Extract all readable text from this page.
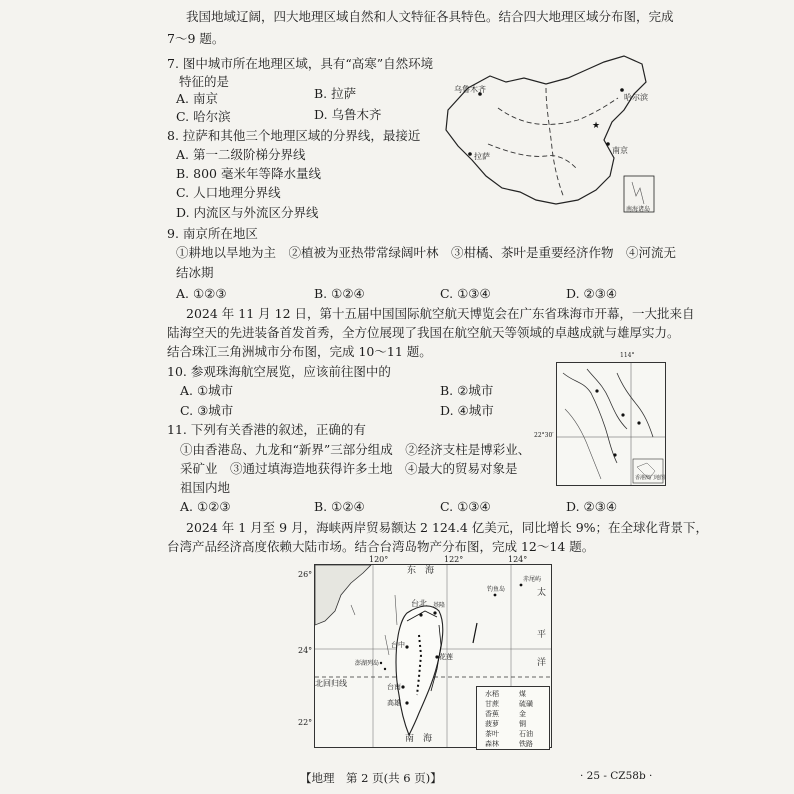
我国地域辽阔，四大地理区域自然和人文特征各具特色。结合四大地理区域分布图，完成
7～9 题。
7. 图中城市所在地理区域，具有“高寒”自然环境
特征的是
A. 南京	B. 拉萨
C. 哈尔滨	D. 乌鲁木齐
8. 拉萨和其他三个地理区域的分界线，最接近
A. 第一二级阶梯分界线
B. 800 毫米年等降水量线
C. 人口地理分界线
D. 内流区与外流区分界线
★
乌鲁木齐
哈尔滨
拉萨
南京
南海诸岛
9. 南京所在地区
①耕地以旱地为主　②植被为亚热带常绿阔叶林　③柑橘、茶叶是重要经济作物　④河流无
结冰期
A. ①②③	B. ①②④	C. ①③④	D. ②③④
2024 年 11 月 12 日，第十五届中国国际航空航天博览会在广东省珠海市开幕，一大批来自
陆海空天的先进装备首发首秀，全方位展现了我国在航空航天等领域的卓越成就与雄厚实力。
结合珠江三角洲城市分布图，完成 10～11 题。
10. 参观珠海航空展览，应该前往图中的
A. ①城市	B. ②城市
C. ③城市	D. ④城市
香港澳门地图
114°
22°30′
11. 下列有关香港的叙述，正确的有
①由香港岛、九龙和“新界”三部分组成　②经济支柱是博彩业、
采矿业　③通过填海造地获得许多土地　④最大的贸易对象是
祖国内地
A. ①②③	B. ①②④	C. ①③④	D. ②③④
2024 年 1 月至 9 月，海峡两岸贸易额达 2 124.4 亿美元，同比增长 9%；在全球化背景下，
台湾产品经济高度依赖大陆市场。结合台湾岛物产分布图，完成 12～14 题。
120°	122°	124°
26°
24°
22°
东　海
南　海
太
平
洋
赤尾屿
钓鱼岛
台北 基隆
台中
花莲
澎湖列岛
台南
高雄
北回归线
水稻	煤
甘蔗	硫磺
香蕉	金
菠萝	铜
茶叶	石油
森林	铁路
【地理　第 2 页(共 6 页)】	· 25 - CZ58b ·
